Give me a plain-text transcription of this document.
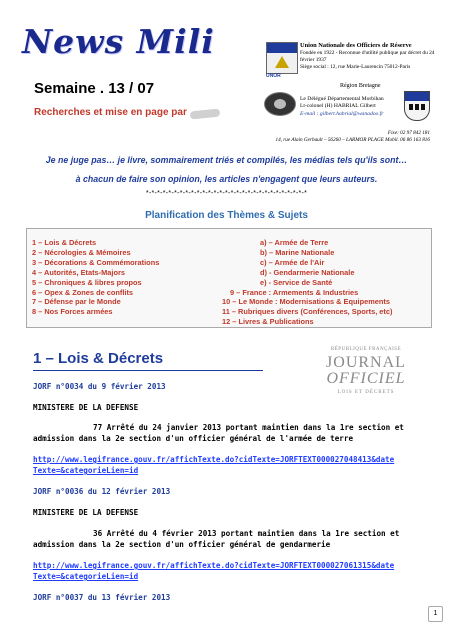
News Mili
Semaine . 13 / 07
Recherches et mise en page par
UNOR
Union Nationale des Officiers de Réserve
Fondée en 1922 - Reconnue d'utilité publique par décret du 24 février 1937
Siège social : 12, rue Marie-Laurencin 75012-Paris
Région Bretagne
Le Délégué Départemental Morbihan
Lt-colonel (H) HABRIAL Gilbert
E-mail : gilbert.habrial@wanadoo.fr
Fixe: 02 97 842 181
14, rue Alain Gerbault – 56260 – LARMOR PLAGE Mobil. 06 86 163 816
Je ne juge pas… je livre, sommairement triés et compilés, les médias tels qu'ils sont…
à chacun de faire son opinion, les articles n'engagent que leurs auteurs.
*-*-*-*-*-*-*-*-*-*-*-*-*-*-*-*-*-*-*-*-*-*-*-*-*-*-*-*-*
Planification des Thèmes & Sujets
1 – Lois & Décrets
2 – Nécrologies & Mémoires
3 – Décorations & Commémorations
4 – Autorités, Etats-Majors
5 – Chroniques & libres propos
6 – Opex & Zones de conflits
7 – Défense par le Monde
8 – Nos Forces armées
a) – Armée de Terre
b) – Marine Nationale
c) – Armée de l'Air
d) - Gendarmerie Nationale
e) - Service de Santé
9 – France : Armements & Industries
10 – Le Monde : Modernisations & Equipements
11 – Rubriques divers (Conférences, Sports, etc)
12 – Livres & Publications
1 – Lois & Décrets
RÉPUBLIQUE FRANÇAISE
JOURNAL
OFFICIEL
LOIS ET DÉCRETS
JORF n°0034 du 9 février 2013
MINISTERE DE LA DEFENSE
77 Arrêté du 24 janvier 2013 portant maintien dans la 1re section et
admission dans la 2e section d'un officier général de l'armée de terre
http://www.legifrance.gouv.fr/affichTexte.do?cidTexte=JORFTEXT000027048413&date
Texte=&categorieLien=id
JORF n°0036 du 12 février 2013
MINISTERE DE LA DEFENSE
36 Arrêté du 4 février 2013 portant maintien dans la 1re section et
admission dans la 2e section d'un officier général de gendarmerie
http://www.legifrance.gouv.fr/affichTexte.do?cidTexte=JORFTEXT000027061315&date
Texte=&categorieLien=id
JORF n°0037 du 13 février 2013
1
